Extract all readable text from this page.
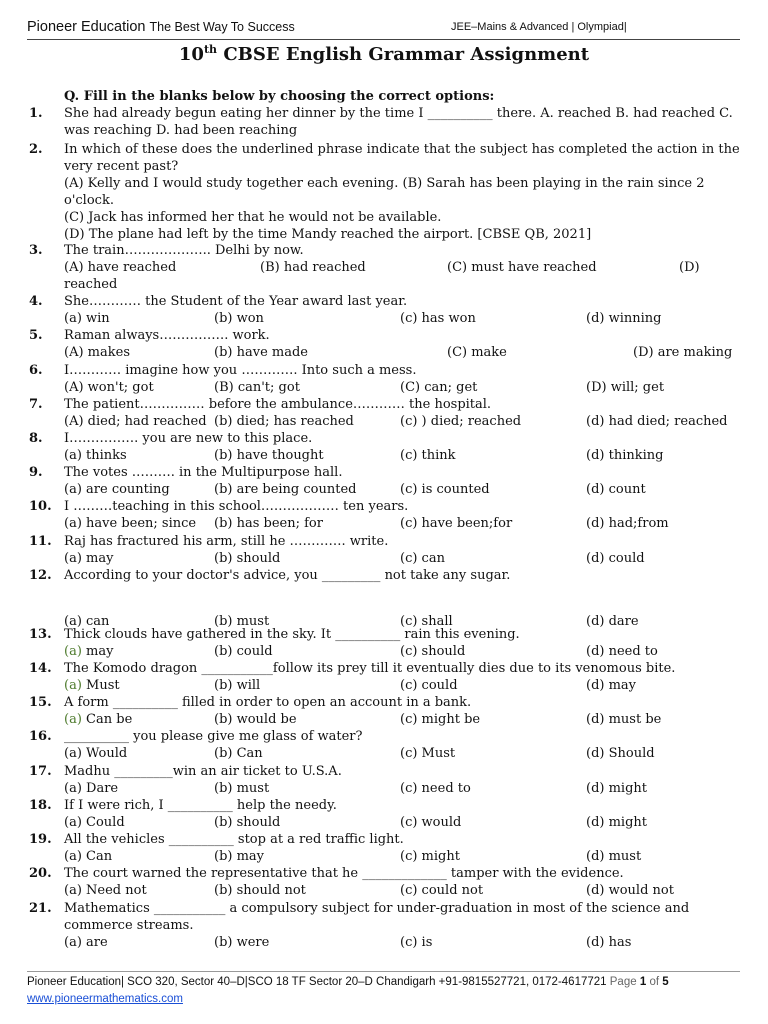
Pioneer Education The Best Way To Success	JEE–Mains & Advanced | Olympiad|
10th CBSE English Grammar Assignment
Q. Fill in the blanks below by choosing the correct options:
1. She had already begun eating her dinner by the time I __________ there. A. reached B. had reached C.
was reaching D. had been reaching
2. In which of these does the underlined phrase indicate that the subject has completed the action in the
very recent past?
(A) Kelly and I would study together each evening. (B) Sarah has been playing in the rain since 2
o'clock.
(C) Jack has informed her that he would not be available.
(D) The plane had left by the time Mandy reached the airport. [CBSE QB, 2021]
3. The train……………….. Delhi by now.
(A) have reached	(B) had reached	(C) must have reached	(D)
reached
4. She………… the Student of the Year award last year.
(a) win	(b) won	(c) has won	(d) winning
5. Raman always……………. work.
(A) makes	(b) have made	(C) make	(D) are making
6. I………… imagine how you …………. Into such a mess.
(A) won't; got	(B) can't; got	(C) can; get	(D) will; get
7. The patient…………… before the ambulance………… the hospital.
(A) died; had reached (b) died; has reached	(c) ) died; reached	(d) had died; reached
8. I……………. you are new to this place.
(a) thinks	(b) have thought	(c) think	(d) thinking
9. The votes ………. in the Multipurpose hall.
(a) are counting	(b) are being counted	(c) is counted	(d) count
10. I ………teaching in this school……………… ten years.
(a) have been; since (b) has been; for	(c) have been;for	(d) had;from
11. Raj has fractured his arm, still he …………. write.
(a) may	(b) should	(c) can	(d) could
12. According to your doctor's advice, you _________ not take any sugar.
(a) can	(b) must	(c) shall	(d) dare
13. Thick clouds have gathered in the sky. It __________ rain this evening.
(a) may	(b) could	(c) should	(d) need to
14. The Komodo dragon ___________follow its prey till it eventually dies due to its venomous bite.
(a) Must	(b) will	(c) could	(d) may
15. A form __________ filled in order to open an account in a bank.
(a) Can be	(b) would be	(c) might be	(d) must be
16. __________ you please give me glass of water?
(a) Would	(b) Can	(c) Must	(d) Should
17. Madhu _________win an air ticket to U.S.A.
(a) Dare	(b) must	(c) need to	(d) might
18. If I were rich, I __________ help the needy.
(a) Could	(b) should	(c) would	(d) might
19. All the vehicles __________ stop at a red traffic light.
(a) Can	(b) may	(c) might	(d) must
20. The court warned the representative that he _____________ tamper with the evidence.
(a) Need not	(b) should not	(c) could not	(d) would not
21. Mathematics ___________ a compulsory subject for under-graduation in most of the science and
commerce streams.
(a) are	(b) were	(c) is	(d) has
Pioneer Education| SCO 320, Sector 40–D|SCO 18 TF Sector 20–D Chandigarh +91-9815527721, 0172-4617721 Page 1 of 5
www.pioneermathematics.com
